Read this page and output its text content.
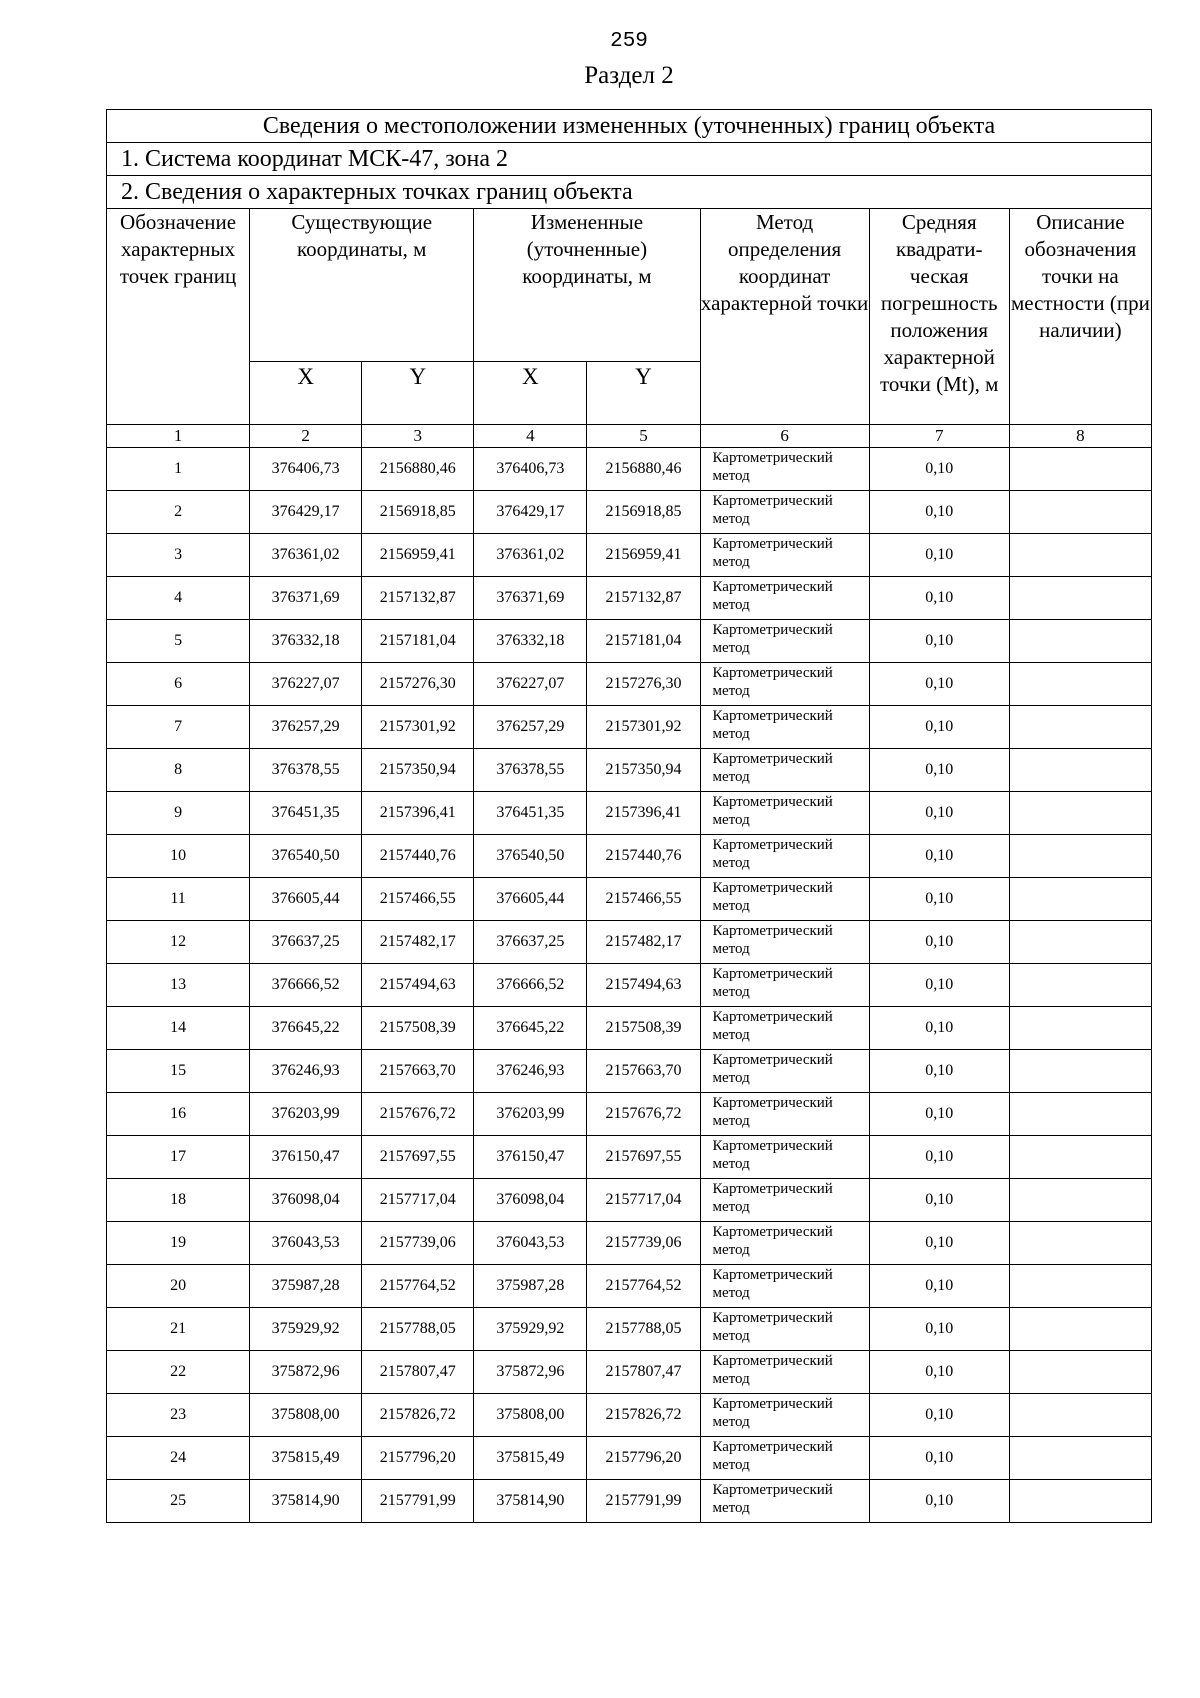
259
Раздел 2
Сведения о местоположении измененных (уточненных) границ объекта							
1. Система координат МСК-47, зона 2							
2. Сведения о характерных точках границ объекта							
Обозначение характерных точек границ	Существующие координаты, м		Измененные (уточненные) координаты, м		Метод определения координат характерной точки	Средняя квадрати-ческая погрешность положения характерной точки (Mt), м	Описание обозначения точки на местности (при наличии)
	X	Y	X	Y			
1	2	3	4	5	6	7	8
1	376406,73	2156880,46	376406,73	2156880,46	Картометрический метод	0,10	
2	376429,17	2156918,85	376429,17	2156918,85	Картометрический метод	0,10	
3	376361,02	2156959,41	376361,02	2156959,41	Картометрический метод	0,10	
4	376371,69	2157132,87	376371,69	2157132,87	Картометрический метод	0,10	
5	376332,18	2157181,04	376332,18	2157181,04	Картометрический метод	0,10	
6	376227,07	2157276,30	376227,07	2157276,30	Картометрический метод	0,10	
7	376257,29	2157301,92	376257,29	2157301,92	Картометрический метод	0,10	
8	376378,55	2157350,94	376378,55	2157350,94	Картометрический метод	0,10	
9	376451,35	2157396,41	376451,35	2157396,41	Картометрический метод	0,10	
10	376540,50	2157440,76	376540,50	2157440,76	Картометрический метод	0,10	
11	376605,44	2157466,55	376605,44	2157466,55	Картометрический метод	0,10	
12	376637,25	2157482,17	376637,25	2157482,17	Картометрический метод	0,10	
13	376666,52	2157494,63	376666,52	2157494,63	Картометрический метод	0,10	
14	376645,22	2157508,39	376645,22	2157508,39	Картометрический метод	0,10	
15	376246,93	2157663,70	376246,93	2157663,70	Картометрический метод	0,10	
16	376203,99	2157676,72	376203,99	2157676,72	Картометрический метод	0,10	
17	376150,47	2157697,55	376150,47	2157697,55	Картометрический метод	0,10	
18	376098,04	2157717,04	376098,04	2157717,04	Картометрический метод	0,10	
19	376043,53	2157739,06	376043,53	2157739,06	Картометрический метод	0,10	
20	375987,28	2157764,52	375987,28	2157764,52	Картометрический метод	0,10	
21	375929,92	2157788,05	375929,92	2157788,05	Картометрический метод	0,10	
22	375872,96	2157807,47	375872,96	2157807,47	Картометрический метод	0,10	
23	375808,00	2157826,72	375808,00	2157826,72	Картометрический метод	0,10	
24	375815,49	2157796,20	375815,49	2157796,20	Картометрический метод	0,10	
25	375814,90	2157791,99	375814,90	2157791,99	Картометрический метод	0,10	
